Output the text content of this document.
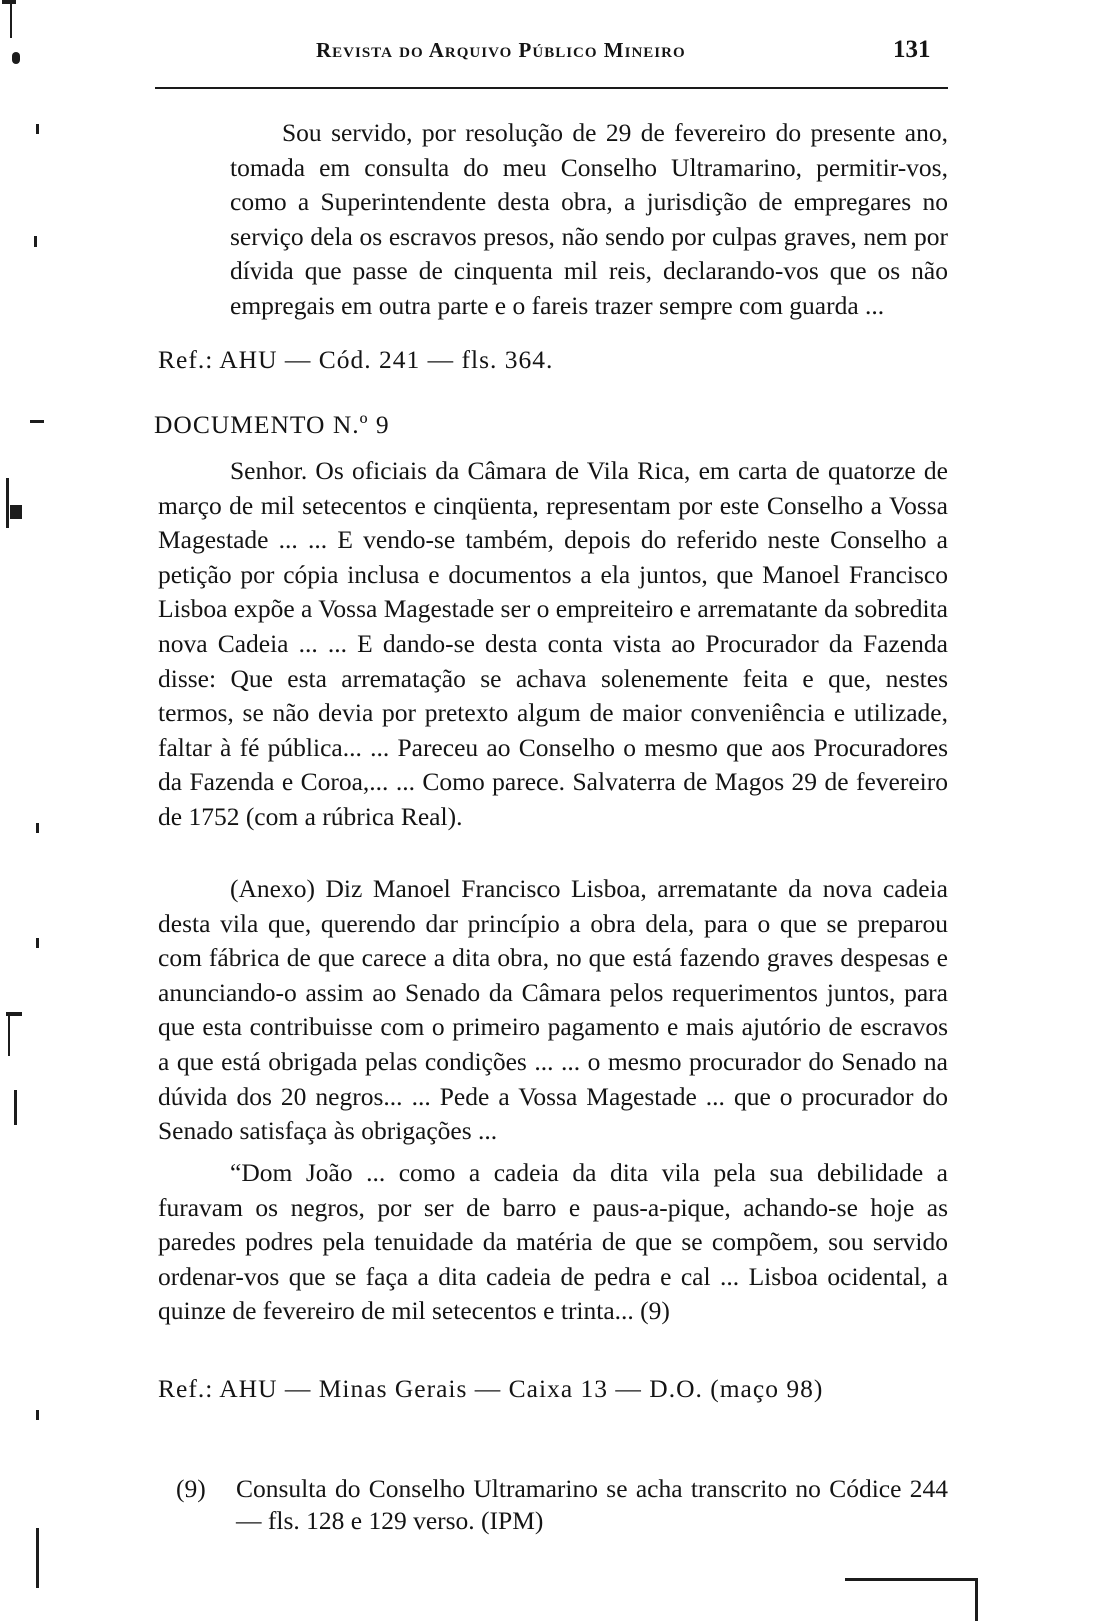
Revista do Arquivo Público Mineiro	131

Sou servido, por resolução de 29 de fevereiro do presente ano, tomada em consulta do meu Conselho Ultramarino, permitir-vos, como a Superintendente desta obra, a jurisdição de empregares no serviço dela os escravos presos, não sendo por culpas graves, nem por dívida que passe de cinquenta mil reis, declarando-vos que os não empregais em outra parte e o fareis trazer sempre com guarda ...

Ref.: AHU — Cód. 241 — fls. 364.
DOCUMENTO N.º 9

Senhor. Os oficiais da Câmara de Vila Rica, em carta de quatorze de março de mil setecentos e cinqüenta, representam por este Conselho a Vossa Magestade ... ... E vendo-se também, depois do referido neste Conselho a petição por cópia inclusa e documentos a ela juntos, que Manoel Francisco Lisboa expõe a Vossa Magestade ser o empreiteiro e arrematante da sobredita nova Cadeia ... ... E dando-se desta conta vista ao Procurador da Fazenda disse: Que esta arrematação se achava solenemente feita e que, nestes termos, se não devia por pretexto algum de maior conveniência e utilizade, faltar à fé pública... ... Pareceu ao Conselho o mesmo que aos Procuradores da Fazenda e Coroa,... ... Como parece. Salvaterra de Magos 29 de fevereiro de 1752 (com a rúbrica Real).

(Anexo) Diz Manoel Francisco Lisboa, arrematante da nova cadeia desta vila que, querendo dar princípio a obra dela, para o que se preparou com fábrica de que carece a dita obra, no que está fazendo graves despesas e anunciando-o assim ao Senado da Câmara pelos requerimentos juntos, para que esta contribuisse com o primeiro pagamento e mais ajutório de escravos a que está obrigada pelas condições ... ... o mesmo procurador do Senado na dúvida dos 20 negros... ... Pede a Vossa Magestade ... que o procurador do Senado satisfaça às obrigações ...

“Dom João ... como a cadeia da dita vila pela sua debilidade a furavam os negros, por ser de barro e paus-a-pique, achando-se hoje as paredes podres pela tenuidade da matéria de que se compõem, sou servido ordenar-vos que se faça a dita cadeia de pedra e cal ... Lisboa ocidental, a quinze de fevereiro de mil setecentos e trinta... (9)

Ref.: AHU — Minas Gerais — Caixa 13 — D.O. (maço 98)
(9) Consulta do Conselho Ultramarino se acha transcrito no Códice 244 — fls. 128 e 129 verso. (IPM)
